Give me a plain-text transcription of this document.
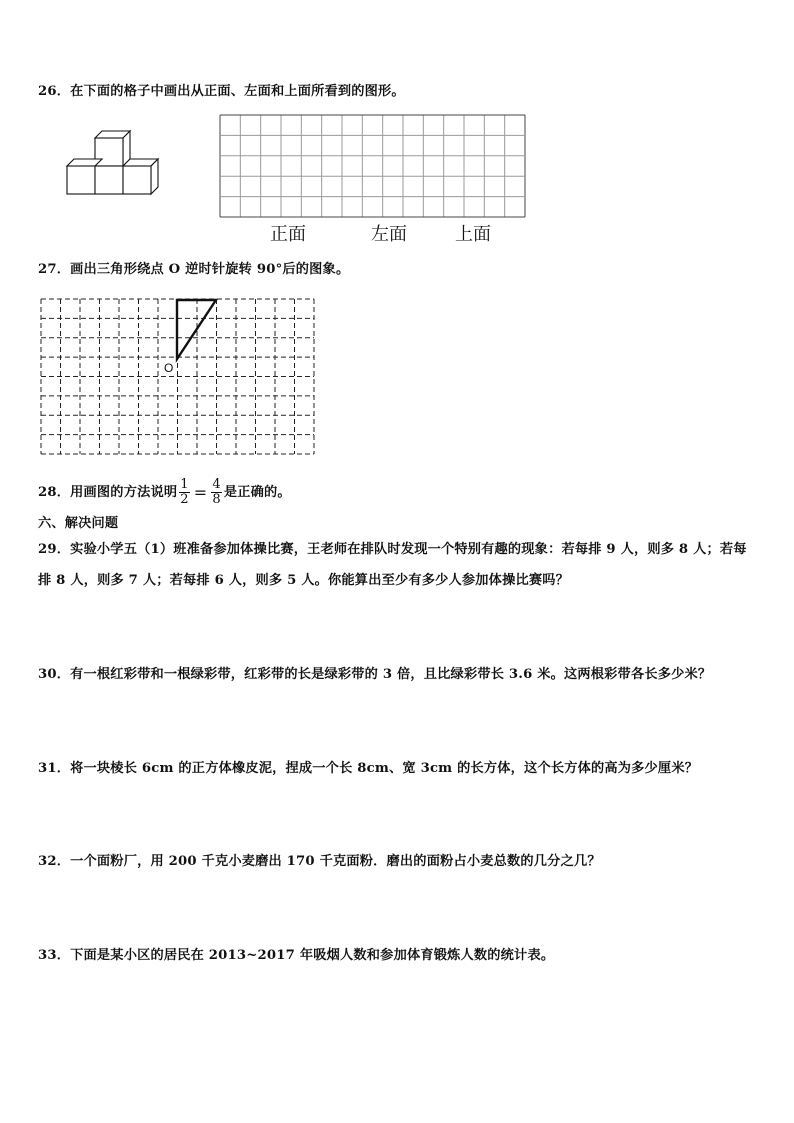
26．在下面的格子中画出从正面、左面和上面所看到的图形。
正面	左面	上面
27．画出三角形绕点 O 逆时针旋转 90°后的图象。
O
28．用画图的方法说明 $\frac{1}{2} = \frac{4}{8}$ 是正确的。
六、解决问题
29．实验小学五（1）班准备参加体操比赛，王老师在排队时发现一个特别有趣的现象：若每排 9 人，则多 8 人；若每排 8 人，则多 7 人；若每排 6 人，则多 5 人。你能算出至少有多少人参加体操比赛吗？
30．有一根红彩带和一根绿彩带，红彩带的长是绿彩带的 3 倍，且比绿彩带长 3.6 米。这两根彩带各长多少米？
31．将一块棱长 6cm 的正方体橡皮泥，捏成一个长 8cm、宽 3cm 的长方体，这个长方体的高为多少厘米？
32．一个面粉厂，用 200 千克小麦磨出 170 千克面粉．磨出的面粉占小麦总数的几分之几？
33．下面是某小区的居民在 2013~2017 年吸烟人数和参加体育锻炼人数的统计表。
